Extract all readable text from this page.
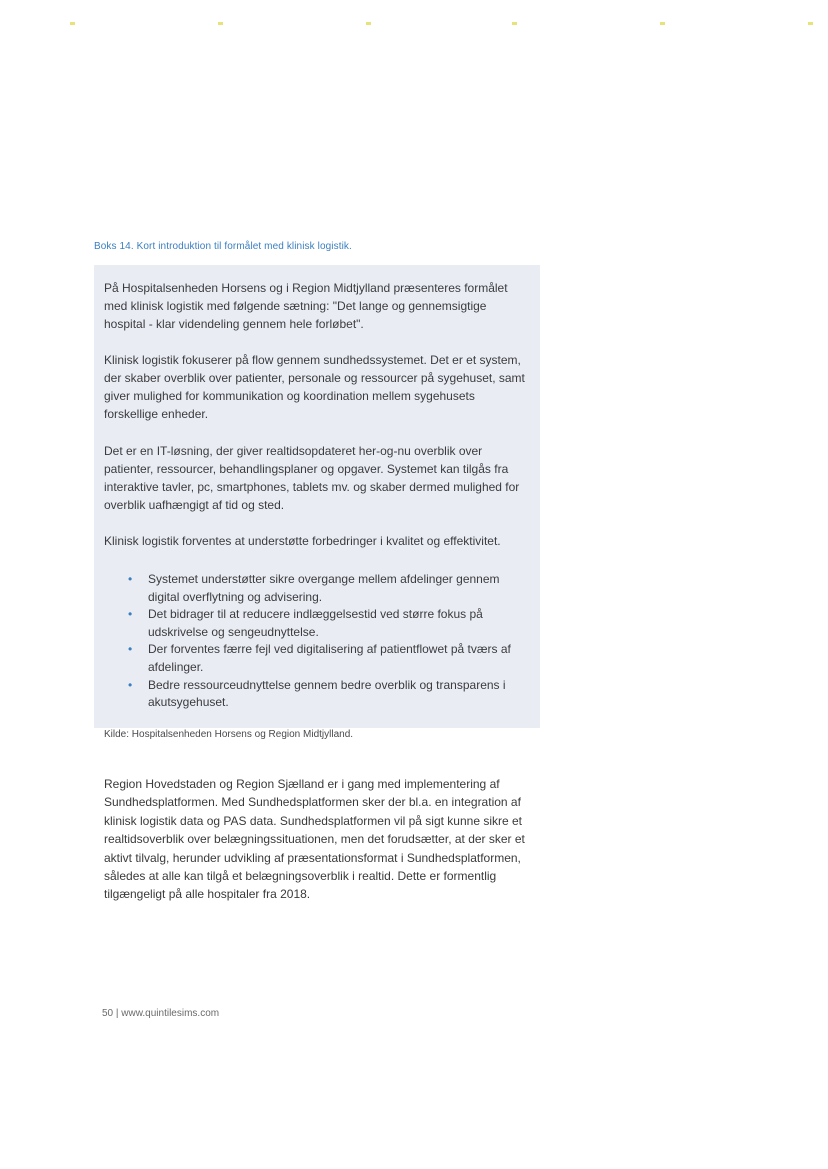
Boks 14. Kort introduktion til formålet med klinisk logistik.

På Hospitalsenheden Horsens og i Region Midtjylland præsenteres formålet med klinisk logistik med følgende sætning: "Det lange og gennemsigtige hospital - klar videndeling gennem hele forløbet".

Klinisk logistik fokuserer på flow gennem sundhedssystemet. Det er et system, der skaber overblik over patienter, personale og ressourcer på sygehuset, samt giver mulighed for kommunikation og koordination mellem sygehusets forskellige enheder.

Det er en IT-løsning, der giver realtidsopdateret her-og-nu overblik over patienter, ressourcer, behandlingsplaner og opgaver. Systemet kan tilgås fra interaktive tavler, pc, smartphones, tablets mv. og skaber dermed mulighed for overblik uafhængigt af tid og sted.

Klinisk logistik forventes at understøtte forbedringer i kvalitet og effektivitet.

• Systemet understøtter sikre overgange mellem afdelinger gennem digital overflytning og advisering.
• Det bidrager til at reducere indlæggelsestid ved større fokus på udskrivelse og sengeudnyttelse.
• Der forventes færre fejl ved digitalisering af patientflowet på tværs af afdelinger.
• Bedre ressourceudnyttelse gennem bedre overblik og transparens i akutsygehuset.
Kilde: Hospitalsenheden Horsens og Region Midtjylland.

Region Hovedstaden og Region Sjælland er i gang med implementering af Sundhedsplatformen. Med Sundhedsplatformen sker der bl.a. en integration af klinisk logistik data og PAS data. Sundhedsplatformen vil på sigt kunne sikre et realtidsoverblik over belægningssituationen, men det forudsætter, at der sker et aktivt tilvalg, herunder udvikling af præsentationsformat i Sundhedsplatformen, således at alle kan tilgå et belægningsoverblik i realtid. Dette er formentlig tilgængeligt på alle hospitaler fra 2018.

50 | www.quintilesims.com
